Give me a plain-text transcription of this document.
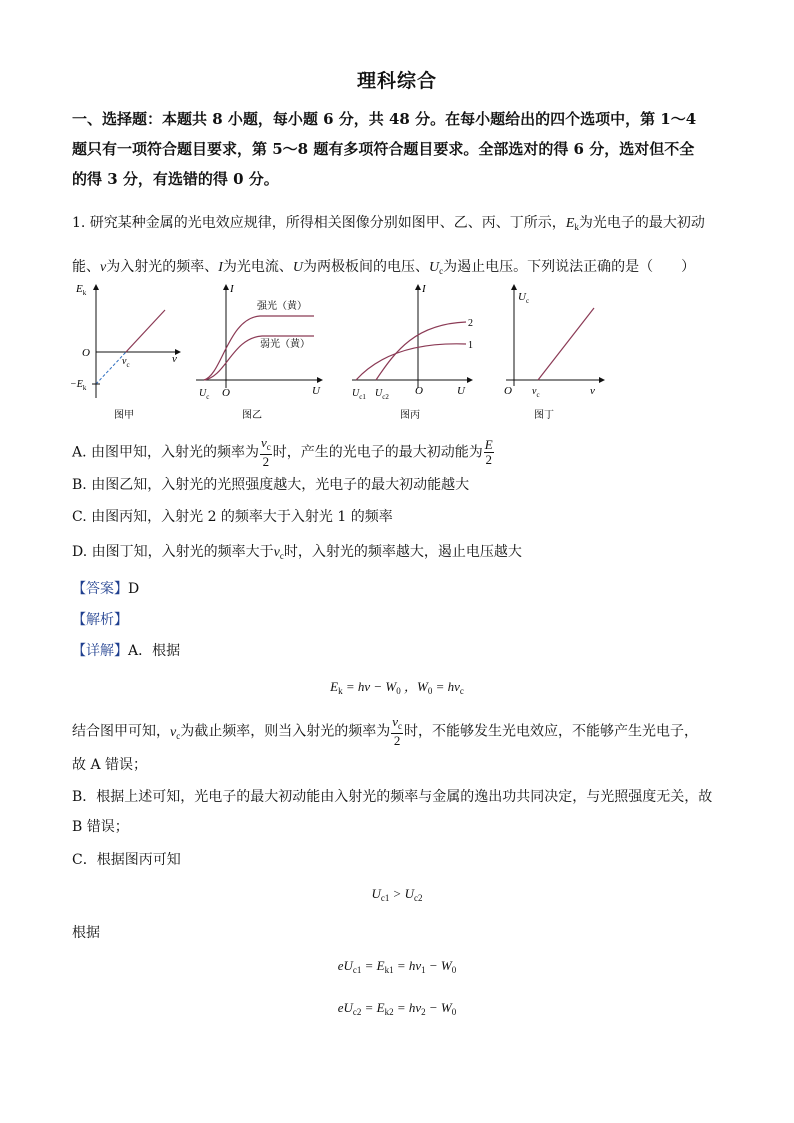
理科综合
一、选择题：本题共 8 小题，每小题 6 分，共 48 分。在每小题给出的四个选项中，第 1～4
题只有一项符合题目要求，第 5～8 题有多项符合题目要求。全部选对的得 6 分，选对但不全
的得 3 分，有选错的得 0 分。
1. 研究某种金属的光电效应规律，所得相关图像分别如图甲、乙、丙、丁所示，$E_k$为光电子的最大初动
能、ν为入射光的频率、I为光电流、U为两极板间的电压、$U_c$为遏止电压。下列说法正确的是（　　）
$E_k$
O	ν
$\nu_c$
$-E_k$
图甲
I
强光（黄）
弱光（黄）
$U_c$ O	U
图乙
I
2
1
$U_{c1}$ $U_{c2}$ O	U
图丙
$U_c$
O $\nu_c$	ν
图丁
A. 由图甲知，入射光的频率为 $\frac{\nu_c}{2}$ 时，产生的光电子的最大初动能为 $\frac{E}{2}$
B. 由图乙知，入射光的光照强度越大，光电子的最大初动能越大
C. 由图丙知，入射光 2 的频率大于入射光 1 的频率
D. 由图丁知，入射光的频率大于$\nu_c$时，入射光的频率越大，遏止电压越大
【答案】D
【解析】
【详解】A．根据
$E_k = h\nu - W_0$ ，$W_0 = h\nu_c$
结合图甲可知，$\nu_c$为截止频率，则当入射光的频率为 $\frac{\nu_c}{2}$ 时，不能够发生光电效应，不能够产生光电子，
故 A 错误；
B．根据上述可知，光电子的最大初动能由入射光的频率与金属的逸出功共同决定，与光照强度无关，故
B 错误；
C．根据图丙可知
$U_{c1} > U_{c2}$
根据
$eU_{c1} = E_{k1} = h\nu_1 - W_0$
$eU_{c2} = E_{k2} = h\nu_2 - W_0$
